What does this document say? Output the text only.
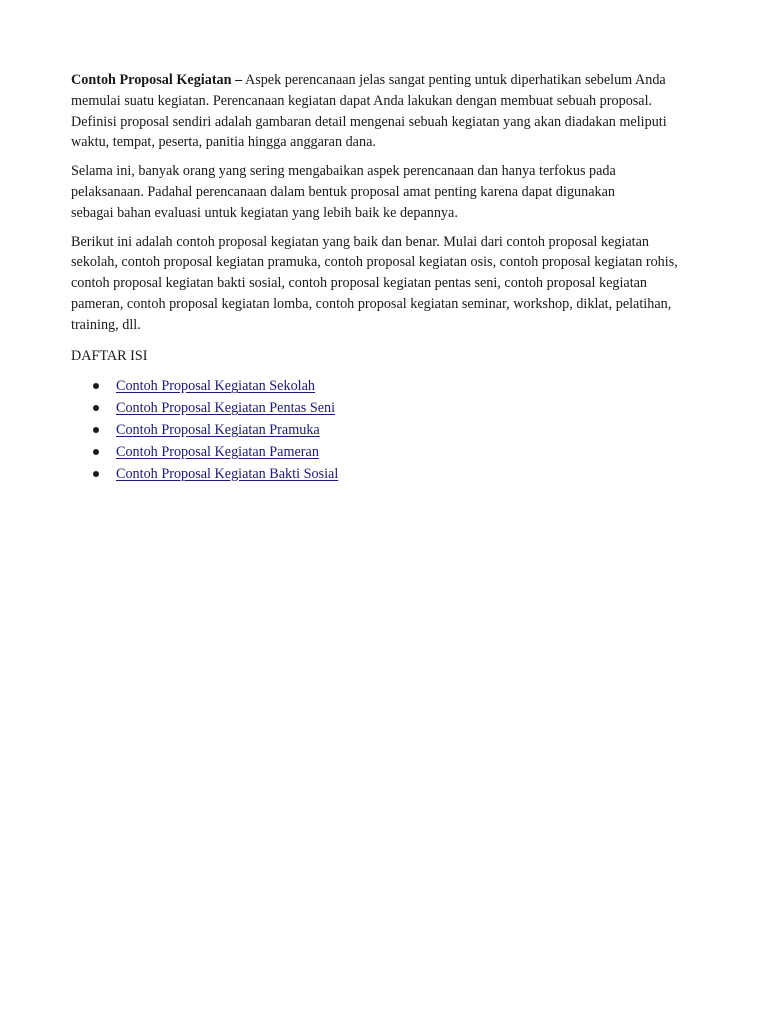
Contoh Proposal Kegiatan – Aspek perencanaan jelas sangat penting untuk diperhatikan sebelum Anda memulai suatu kegiatan. Perencanaan kegiatan dapat Anda lakukan dengan membuat sebuah proposal. Definisi proposal sendiri adalah gambaran detail mengenai sebuah kegiatan yang akan diadakan meliputi waktu, tempat, peserta, panitia hingga anggaran dana.

Selama ini, banyak orang yang sering mengabaikan aspek perencanaan dan hanya terfokus pada pelaksanaan. Padahal perencanaan dalam bentuk proposal amat penting karena dapat digunakan sebagai bahan evaluasi untuk kegiatan yang lebih baik ke depannya.

Berikut ini adalah contoh proposal kegiatan yang baik dan benar. Mulai dari contoh proposal kegiatan sekolah, contoh proposal kegiatan pramuka, contoh proposal kegiatan osis, contoh proposal kegiatan rohis, contoh proposal kegiatan bakti sosial, contoh proposal kegiatan pentas seni, contoh proposal kegiatan pameran, contoh proposal kegiatan lomba, contoh proposal kegiatan seminar, workshop, diklat, pelatihan, training, dll.

DAFTAR ISI
Contoh Proposal Kegiatan Sekolah
Contoh Proposal Kegiatan Pentas Seni
Contoh Proposal Kegiatan Pramuka
Contoh Proposal Kegiatan Pameran
Contoh Proposal Kegiatan Bakti Sosial
